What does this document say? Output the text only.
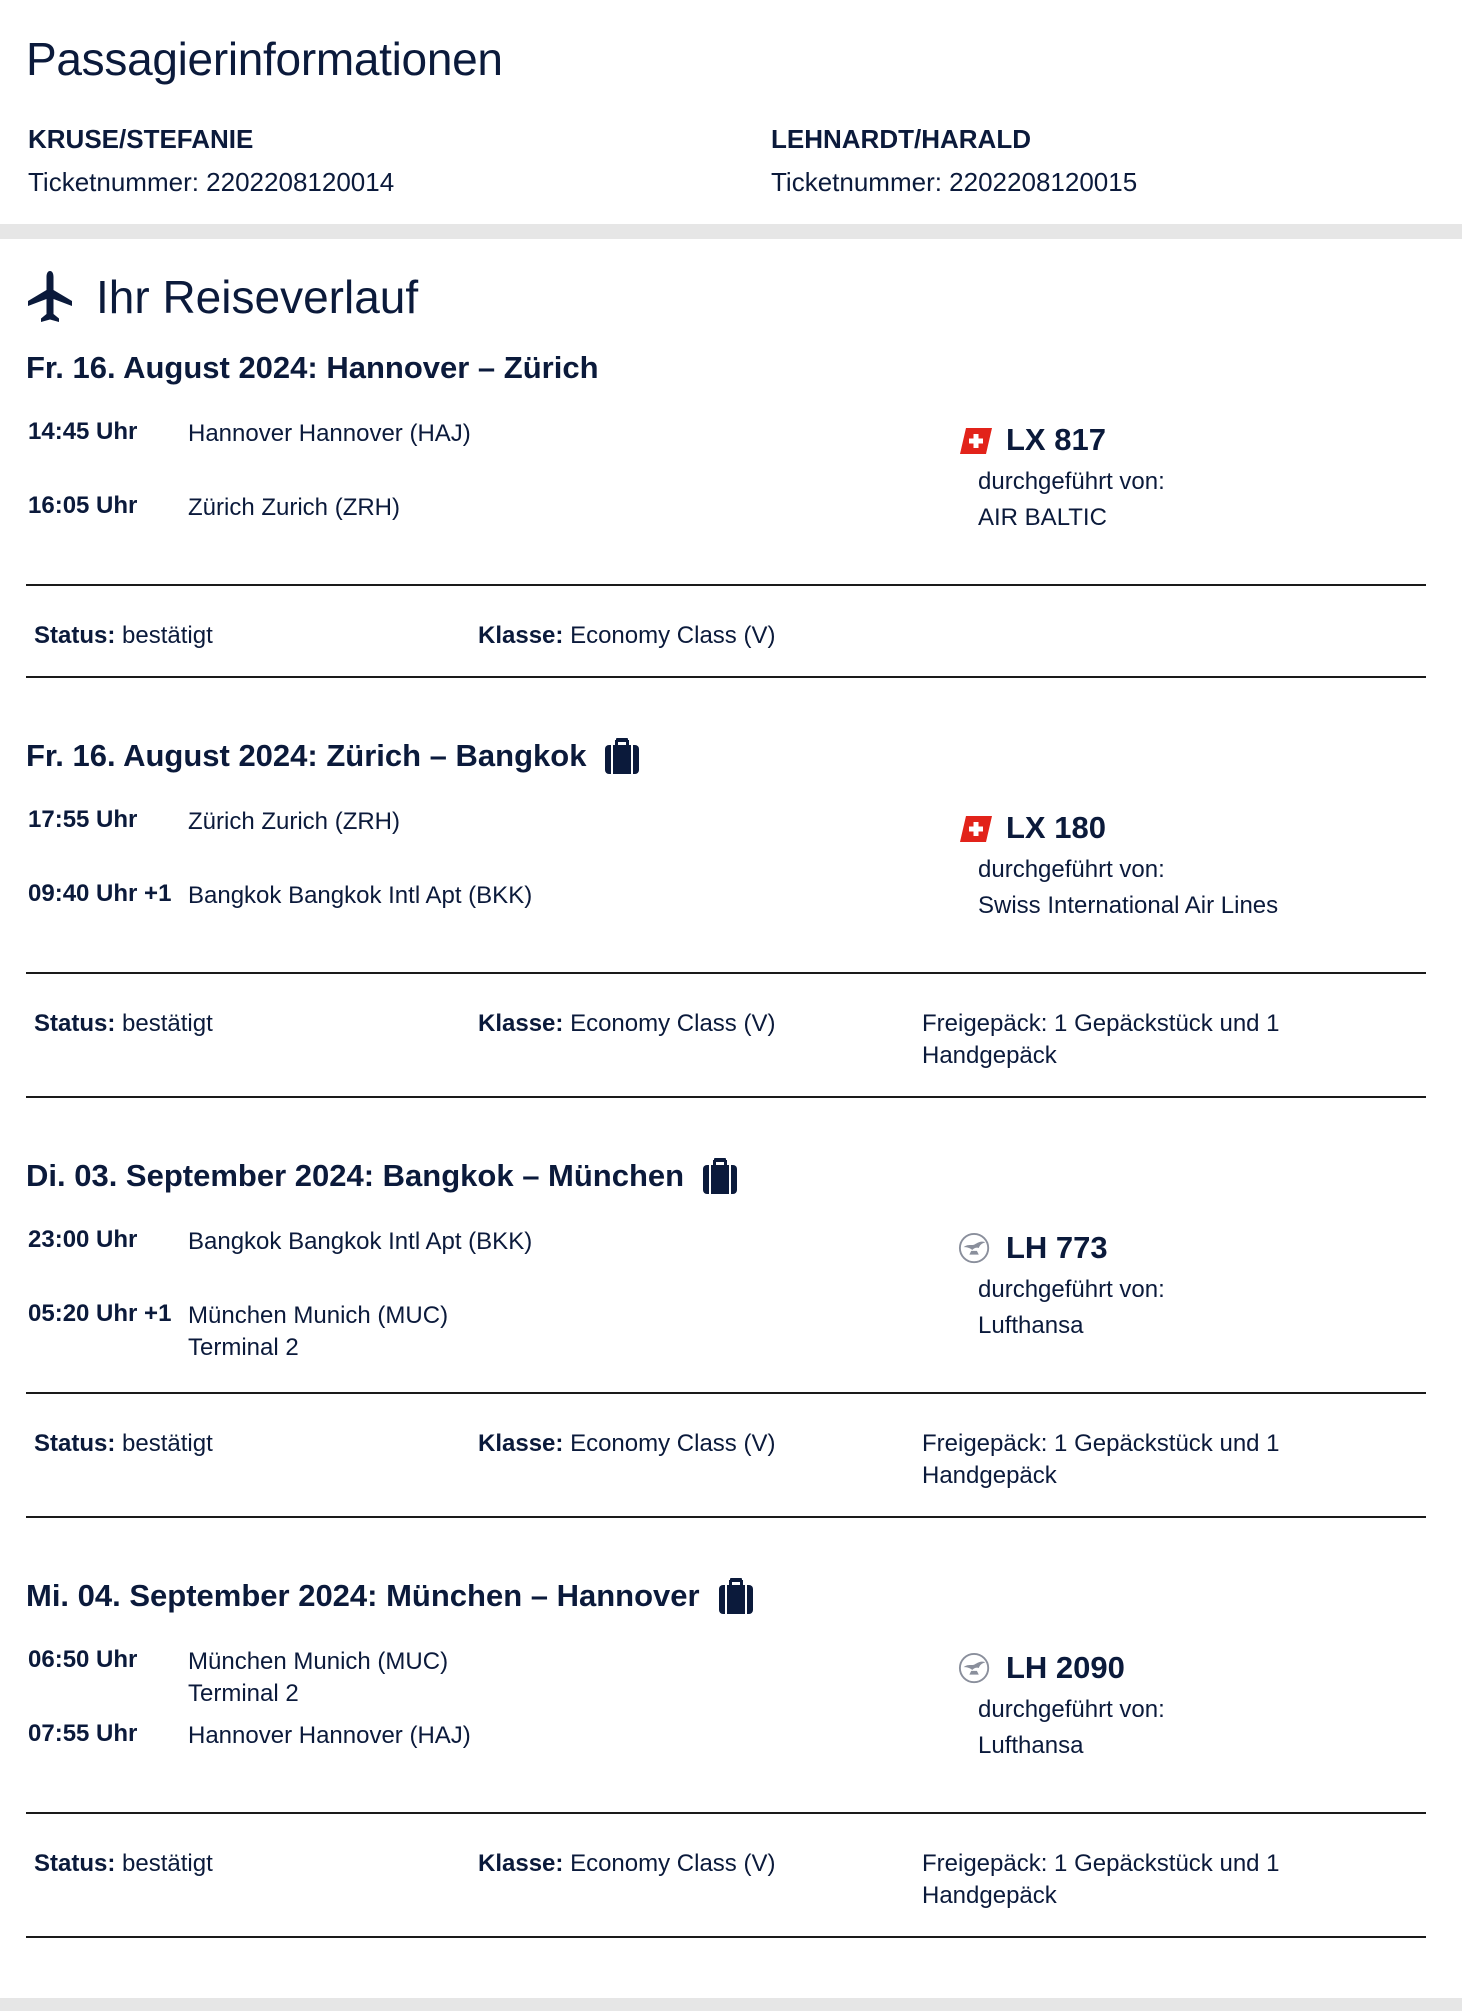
Passagierinformationen
KRUSE/STEFANIE
Ticketnummer: 2202208120014
LEHNARDT/HARALD
Ticketnummer: 2202208120015
Ihr Reiseverlauf
Fr. 16. August 2024: Hannover – Zürich
14:45 Uhr Hannover Hannover (HAJ)
16:05 Uhr Zürich Zurich (ZRH)
LX 817
durchgeführt von:
AIR BALTIC
Status: bestätigt	Klasse: Economy Class (V)
Fr. 16. August 2024: Zürich – Bangkok
17:55 Uhr Zürich Zurich (ZRH)
09:40 Uhr +1 Bangkok Bangkok Intl Apt (BKK)
LX 180
durchgeführt von:
Swiss International Air Lines
Status: bestätigt	Klasse: Economy Class (V)	Freigepäck: 1 Gepäckstück und 1 Handgepäck
Di. 03. September 2024: Bangkok – München
23:00 Uhr Bangkok Bangkok Intl Apt (BKK)
05:20 Uhr +1 München Munich (MUC)
Terminal 2
LH 773
durchgeführt von:
Lufthansa
Status: bestätigt	Klasse: Economy Class (V)	Freigepäck: 1 Gepäckstück und 1 Handgepäck
Mi. 04. September 2024: München – Hannover
06:50 Uhr München Munich (MUC)
Terminal 2
07:55 Uhr Hannover Hannover (HAJ)
LH 2090
durchgeführt von:
Lufthansa
Status: bestätigt	Klasse: Economy Class (V)	Freigepäck: 1 Gepäckstück und 1 Handgepäck
